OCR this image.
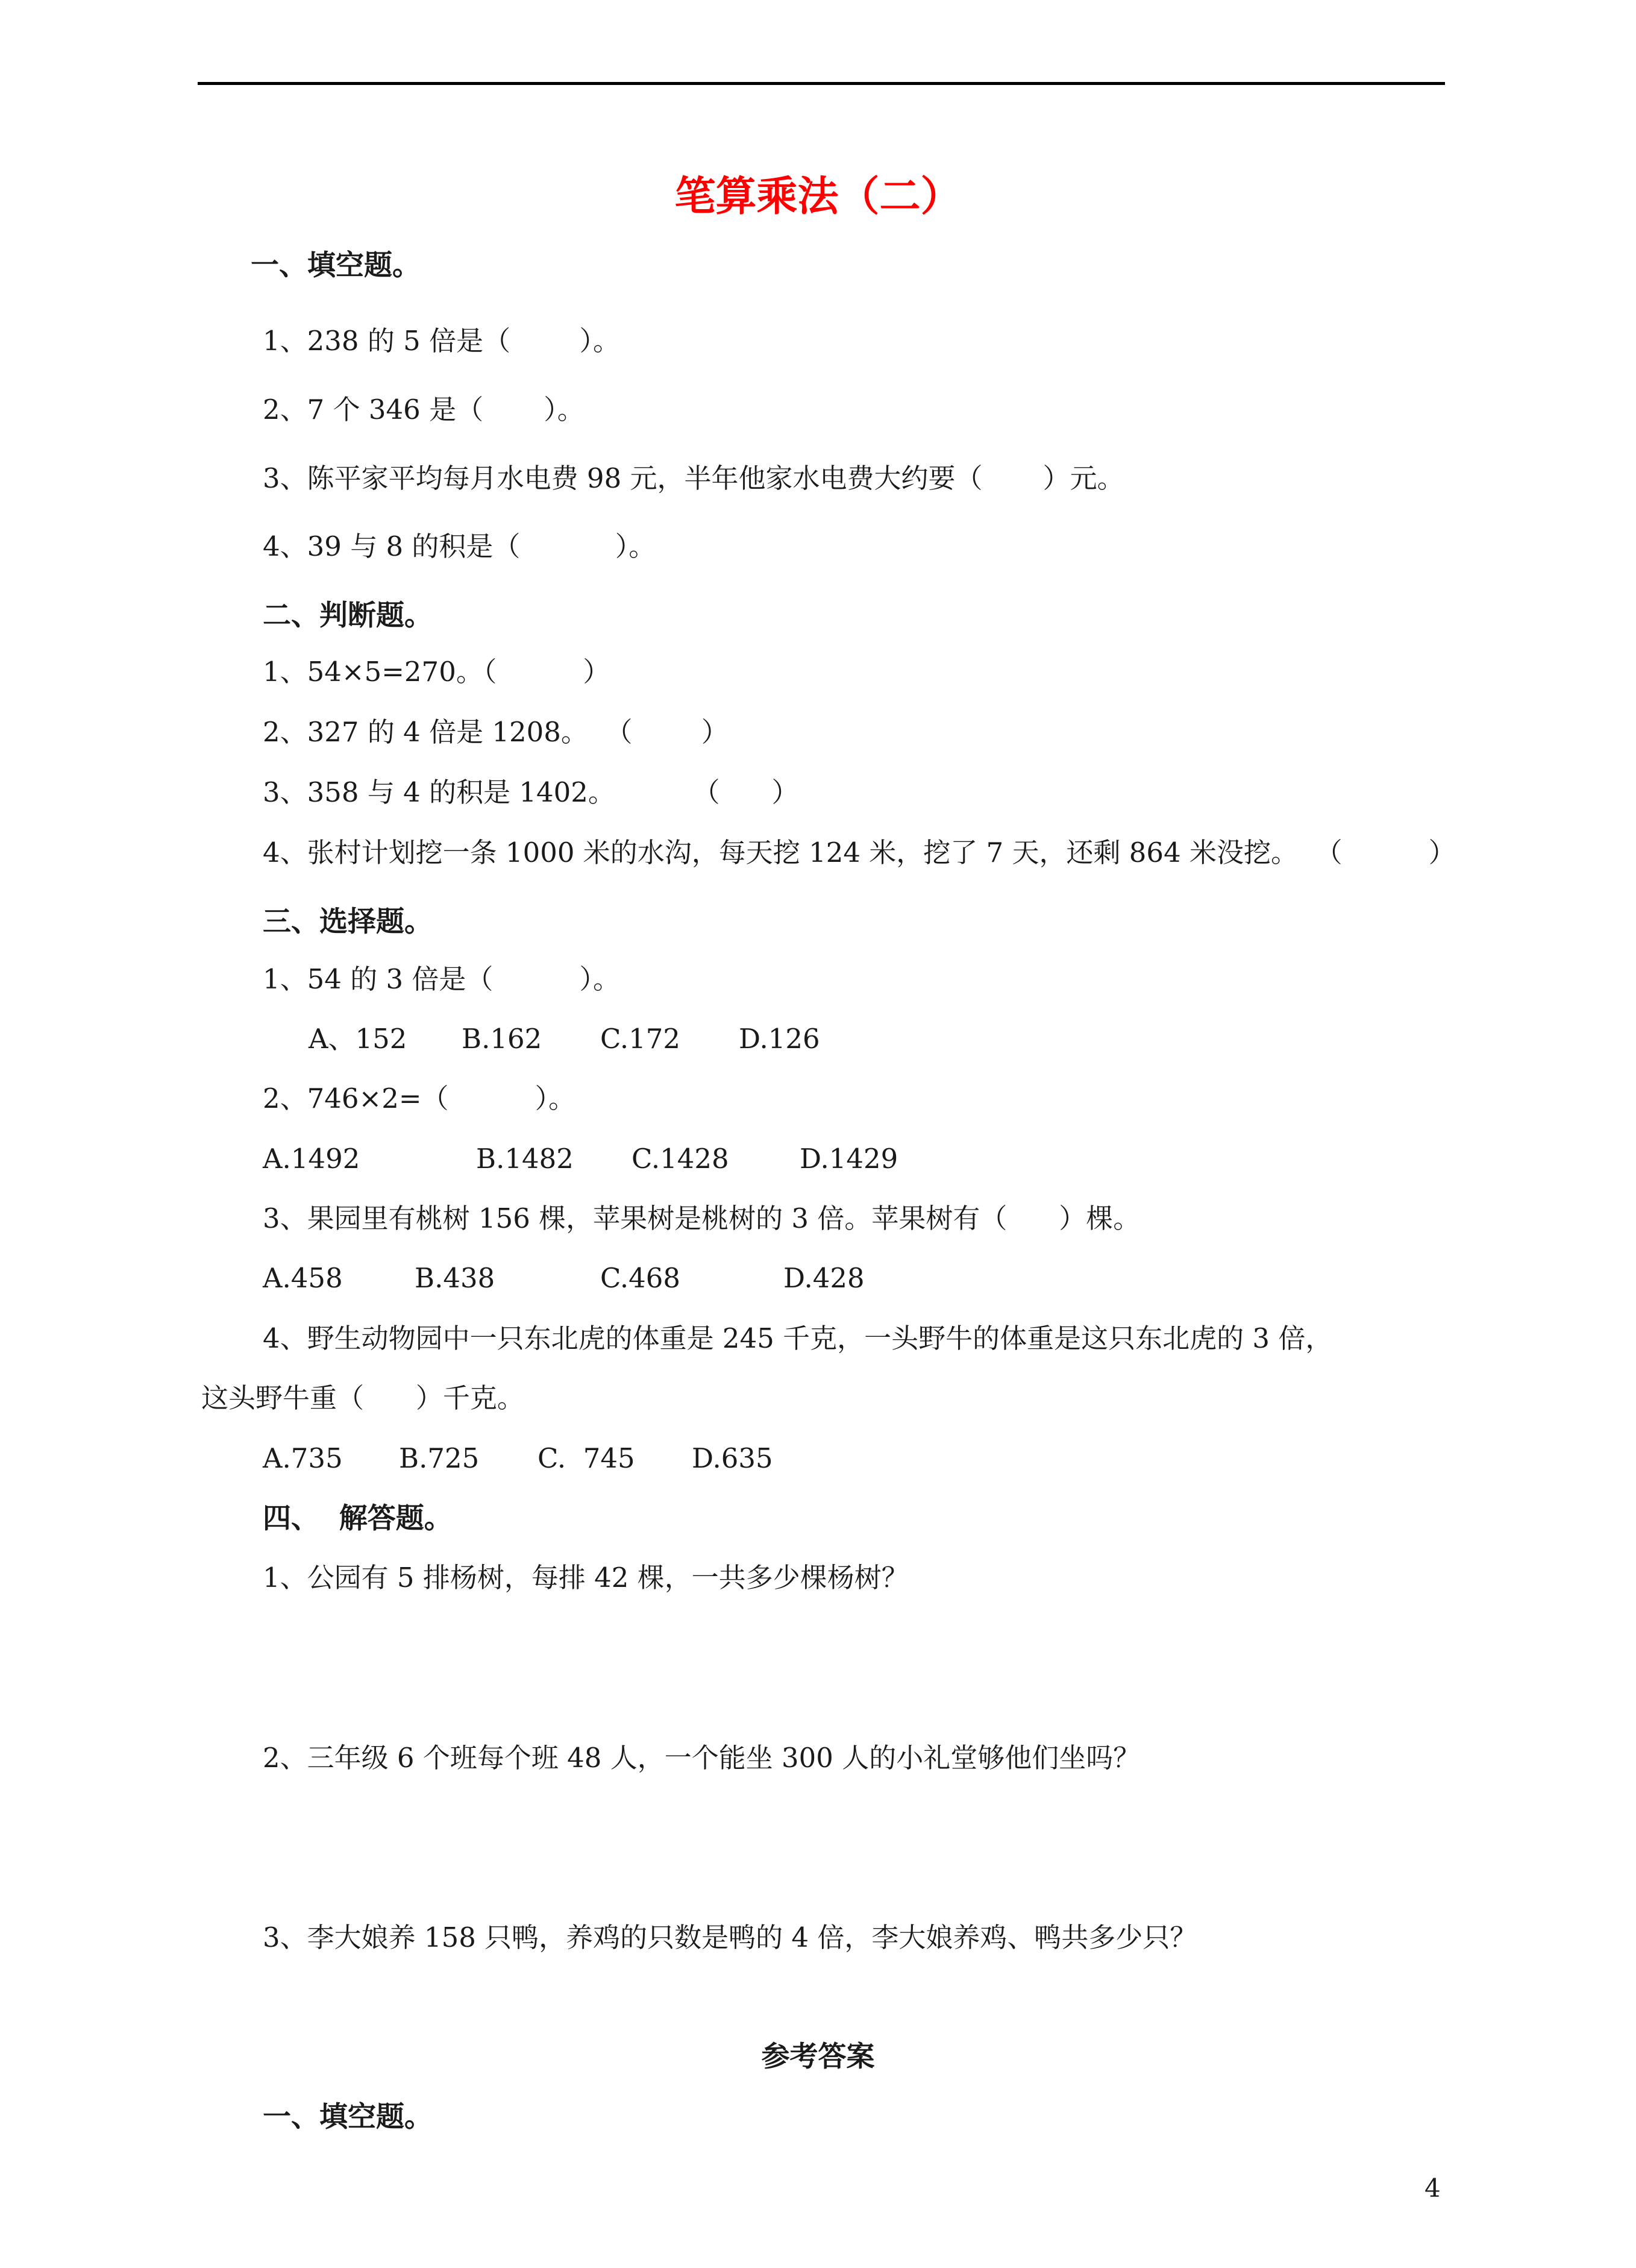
笔算乘法（二）
一、填空题。
1、238 的 5 倍是（        ）。
2、7 个 346 是（       ）。
3、陈平家平均每月水电费 98 元，半年他家水电费大约要（       ）元。
4、39 与 8 的积是（           ）。
二、判断题。
1、54×5=270。（          ）
2、327 的 4 倍是 1208。  （        ）
3、358 与 4 的积是 1402。         （      ）
4、张村计划挖一条 1000 米的水沟，每天挖 124 米，挖了 7 天，还剩 864 米没挖。  （          ）
三、选择题。
1、54 的 3 倍是（          ）。
A、152 B.162 C.172 D.126
2、746×2=（          ）。
A.1492	B.1482 C.1428	D.1429
3、果园里有桃树 156 棵，苹果树是桃树的 3 倍。苹果树有（      ）棵。
A.458	B.438	C.468	D.428
4、野生动物园中一只东北虎的体重是 245 千克，一头野牛的体重是这只东北虎的 3 倍，
这头野牛重（      ）千克。
A.735 B.725 C.  745 D.635
四、  解答题。
1、公园有 5 排杨树，每排 42 棵，一共多少棵杨树？
2、三年级 6 个班每个班 48 人，一个能坐 300 人的小礼堂够他们坐吗？
3、李大娘养 158 只鸭，养鸡的只数是鸭的 4 倍，李大娘养鸡、鸭共多少只？
参考答案
一、填空题。
4
